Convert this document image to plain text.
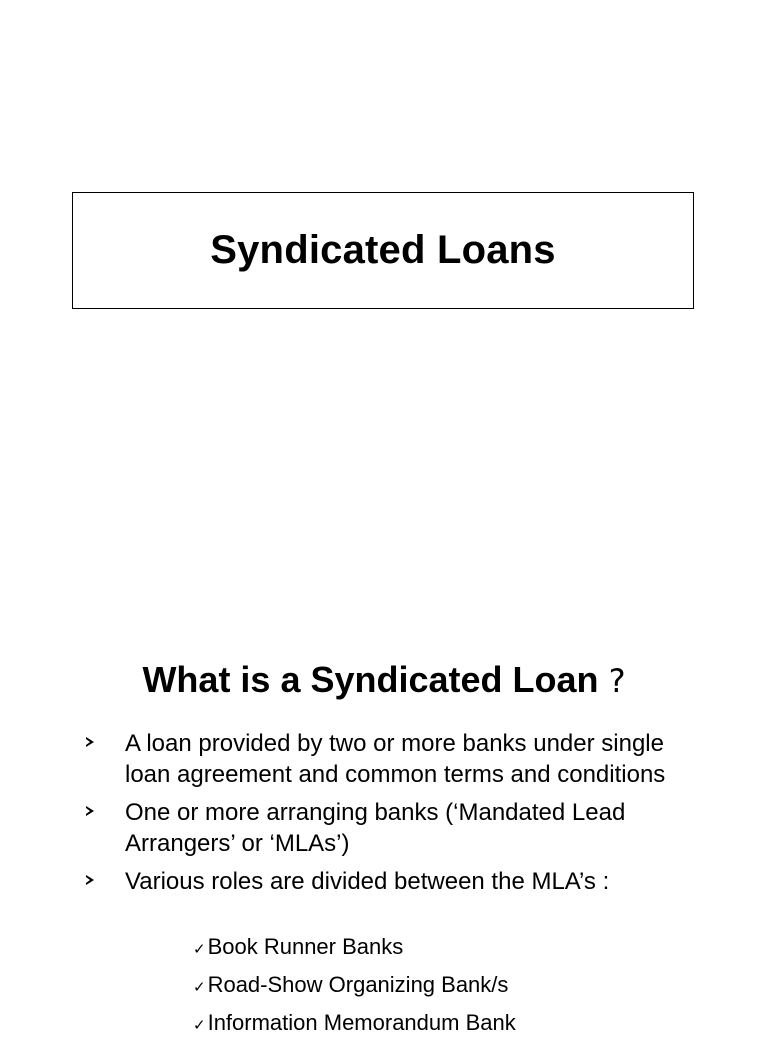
Syndicated Loans
What is a Syndicated Loan ?
A loan provided by two or more banks under single loan agreement and common terms and conditions
One or more arranging banks (‘Mandated Lead Arrangers’ or ‘MLAs’)
Various roles are divided between the MLA’s :
✓Book Runner Banks
✓Road-Show Organizing Bank/s
✓Information Memorandum Bank
